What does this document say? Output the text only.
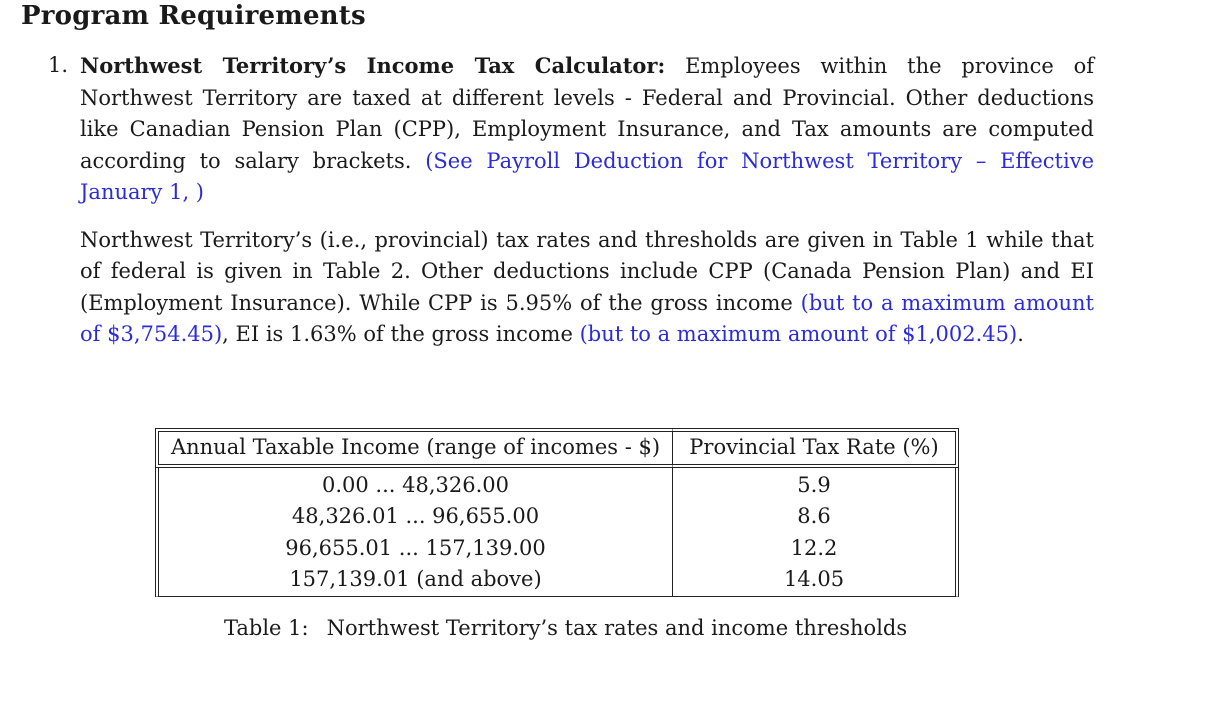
Program Requirements
1. Northwest Territory’s Income Tax Calculator: Employees within the province of Northwest Territory are taxed at different levels - Federal and Provincial. Other deductions like Canadian Pension Plan (CPP), Employment Insurance, and Tax amounts are computed according to salary brackets. (See Payroll Deduction for Northwest Territory – Effective January 1, )

Northwest Territory’s (i.e., provincial) tax rates and thresholds are given in Table 1 while that of federal is given in Table 2. Other deductions include CPP (Canada Pension Plan) and EI (Employment Insurance). While CPP is 5.95% of the gross income (but to a maximum amount of $3,754.45), EI is 1.63% of the gross income (but to a maximum amount of $1,002.45).

Annual Taxable Income (range of incomes - $)	Provincial Tax Rate (%)
0.00 ... 48,326.00	5.9
48,326.01 ... 96,655.00	8.6
96,655.01 ... 157,139.00	12.2
157,139.01 (and above)	14.05
Table 1: Northwest Territory’s tax rates and income thresholds
